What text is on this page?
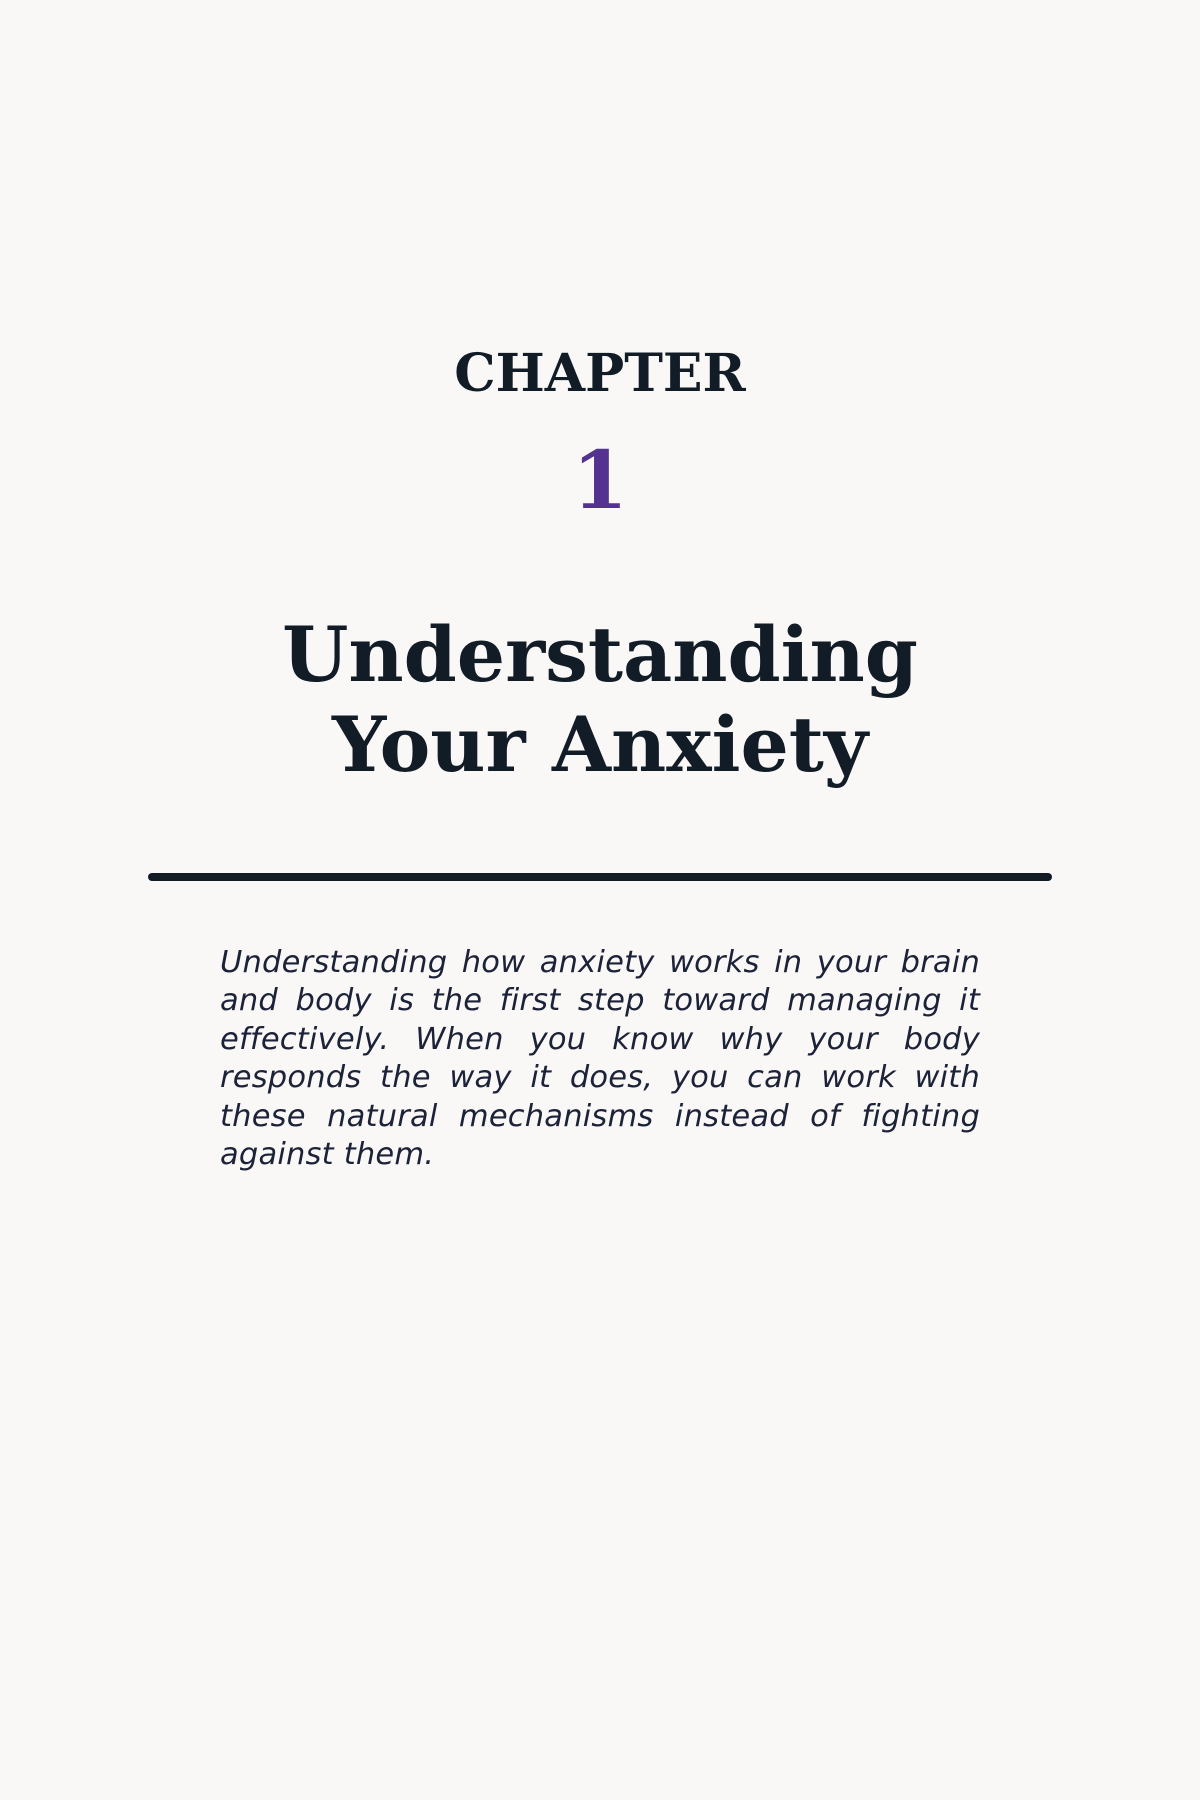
CHAPTER
1
Understanding
Your Anxiety

Understanding how anxiety works in your brain and body is the first step toward managing it effectively. When you know why your body responds the way it does, you can work with these natural mechanisms instead of fighting against them.
